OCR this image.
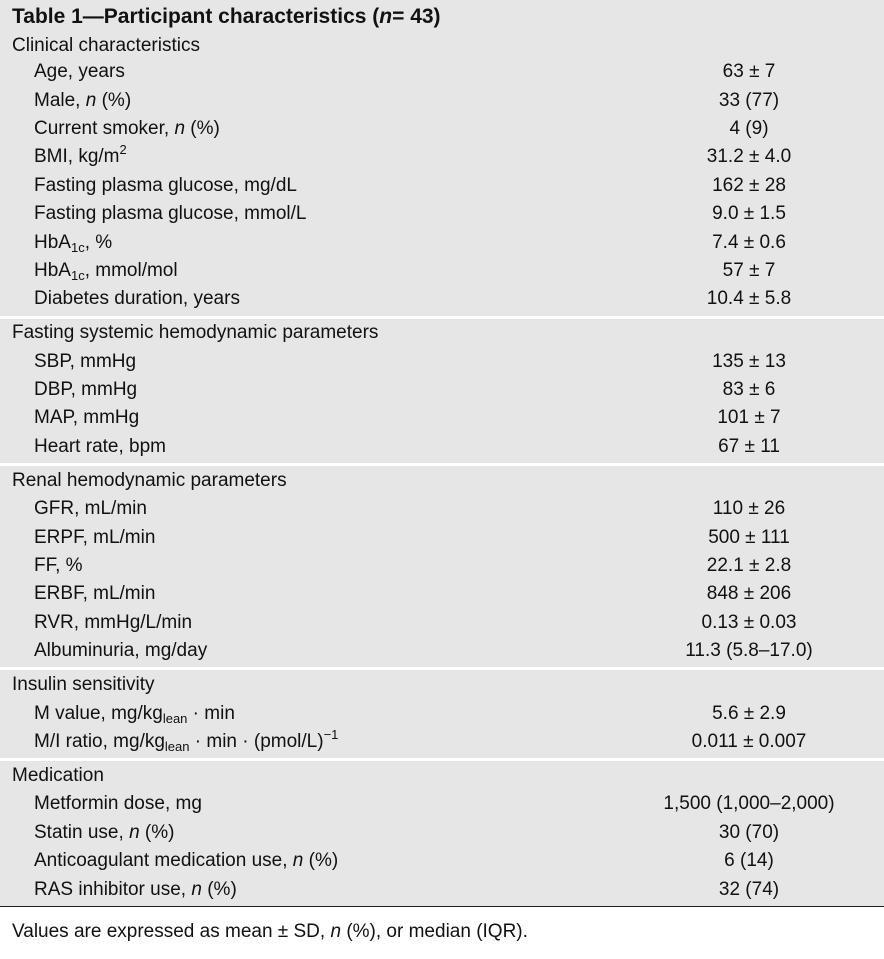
Table 1—Participant characteristics ( n = 43)
Clinical characteristics
Age, years	63 ± 7
Male, n (%)	33 (77)
Current smoker, n (%)	4 (9)
BMI, $kg/m^2$	31.2 ± 4.0
Fasting plasma glucose, mg/dL	162 ± 28
Fasting plasma glucose, mmol/L	9.0 ± 1.5
HbA$_{1c}$, %	7.4 ± 0.6
HbA$_{1c}$, mmol/mol	57 ± 7
Diabetes duration, years	10.4 ± 5.8
Fasting systemic hemodynamic parameters
SBP, mmHg	135 ± 13
DBP, mmHg	83 ± 6
MAP, mmHg	101 ± 7
Heart rate, bpm	67 ± 11
Renal hemodynamic parameters
GFR, mL/min	110 ± 26
ERPF, mL/min	500 ± 111
FF, %	22.1 ± 2.8
ERBF, mL/min	848 ± 206
RVR, mmHg/L/min	0.13 ± 0.03
Albuminuria, mg/day	11.3 (5.8–17.0)
Insulin sensitivity
M value, $mg/kg_{lean} \cdot \min$	5.6 ± 2.9
M/I ratio, $mg/kg_{lean} \cdot \min$ · (pmol/L)$^{-1}$	0.011 ± 0.007
Medication
Metformin dose, mg	1,500 (1,000–2,000)
Statin use, n (%)	30 (70)
Anticoagulant medication use, n (%)	6 (14)
RAS inhibitor use, n (%)	32 (74)
Values are expressed as mean ± SD, n (%), or median (IQR).
